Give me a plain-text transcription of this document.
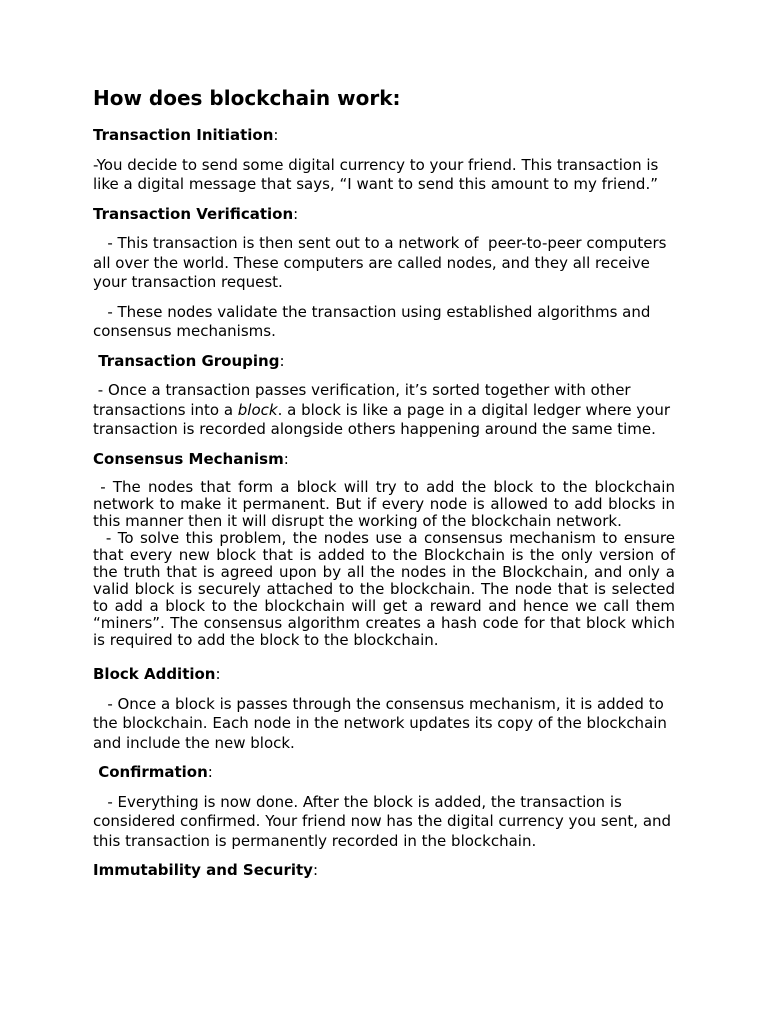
How does blockchain work:
Transaction Initiation:

-You decide to send some digital currency to your friend. This transaction is like a digital message that says, “I want to send this amount to my friend.”

Transaction Verification:

- This transaction is then sent out to a network of  peer-to-peer computers all over the world. These computers are called nodes, and they all receive your transaction request.

- These nodes validate the transaction using established algorithms and consensus mechanisms.

Transaction Grouping:

- Once a transaction passes verification, it’s sorted together with other transactions into a block. a block is like a page in a digital ledger where your transaction is recorded alongside others happening around the same time.

Consensus Mechanism:

- The nodes that form a block will try to add the block to the blockchain network to make it permanent. But if every node is allowed to add blocks in this manner then it will disrupt the working of the blockchain network.

- To solve this problem, the nodes use a consensus mechanism to ensure that every new block that is added to the Blockchain is the only version of the truth that is agreed upon by all the nodes in the Blockchain, and only a valid block is securely attached to the blockchain. The node that is selected to add a block to the blockchain will get a reward and hence we call them “miners”. The consensus algorithm creates a hash code for that block which is required to add the block to the blockchain.

Block Addition:

- Once a block is passes through the consensus mechanism, it is added to the blockchain. Each node in the network updates its copy of the blockchain and include the new block.

Confirmation:

- Everything is now done. After the block is added, the transaction is considered confirmed. Your friend now has the digital currency you sent, and this transaction is permanently recorded in the blockchain.

Immutability and Security:
